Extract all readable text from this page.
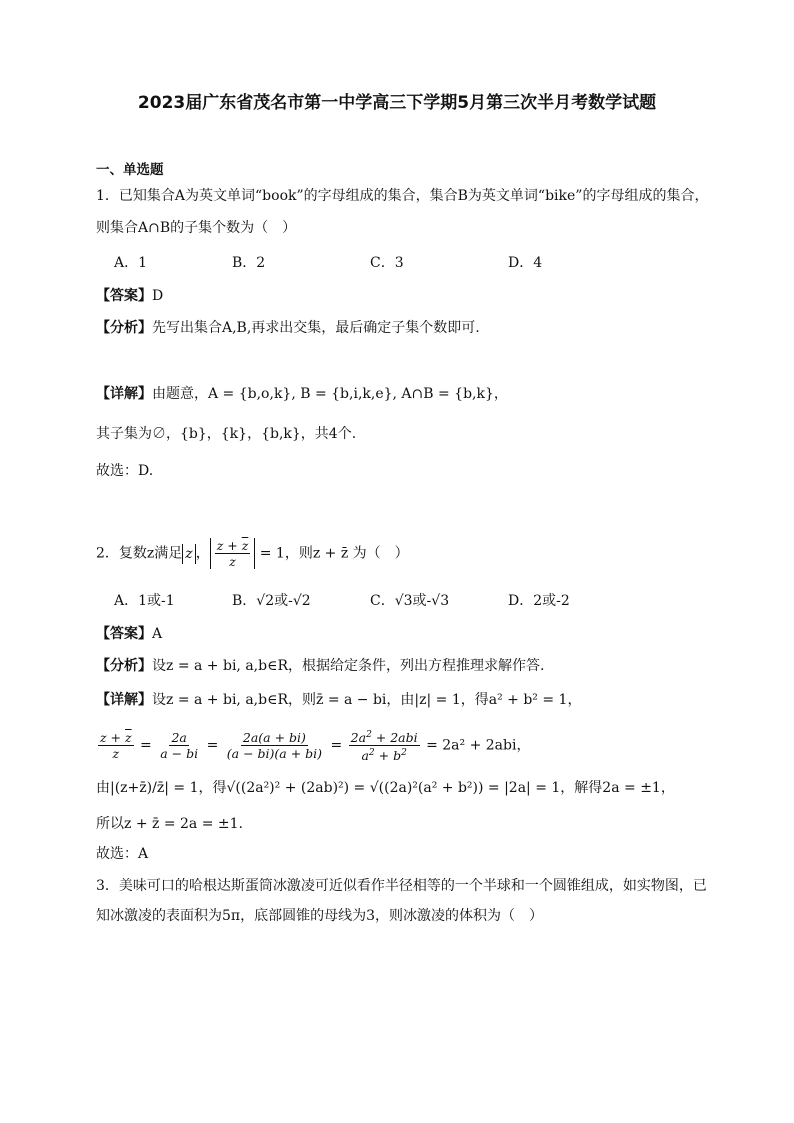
2023届广东省茂名市第一中学高三下学期5月第三次半月考数学试题
一、单选题
1．已知集合A为英文单词“book”的字母组成的集合，集合B为英文单词“bike”的字母组成的集合，
则集合A∩B的子集个数为（　）
A．1	B．2	C．3	D．4
【答案】D
【分析】先写出集合A,B,再求出交集，最后确定子集个数即可.
【详解】由题意，A = {b,o,k}, B = {b,i,k,e}, A∩B = {b,k}，
其子集为∅，{b}，{k}，{b,k}，共4个.
故选：D.
2．复数z满足 z ， $\frac{z + \overline{z}}{z} = 1$，则z + z̄ 为（　）
A．1或-1	B．√2或-√2	C．√3或-√3	D．2或-2
【答案】A
【分析】设z = a + bi, a,b∈R，根据给定条件，列出方程推理求解作答.
【详解】设z = a + bi, a,b∈R，则z̄ = a − bi，由|z| = 1，得a² + b² = 1，
$\frac{z + \overline{z}}{z} = \frac{2a}{a - bi} = \frac{2a(a + bi)}{(a - bi)(a + bi)} = \frac{2a^2 + 2abi}{a^2 + b^2} = 2a^2 + 2abi$，
由|(z+z̄)/z̄| = 1，得√((2a²)² + (2ab)²) = √((2a)²(a² + b²)) = |2a| = 1，解得2a = ±1，
所以z + z̄ = 2a = ±1.
故选：A
3．美味可口的哈根达斯蛋筒冰激凌可近似看作半径相等的一个半球和一个圆锥组成，如实物图，已
知冰激凌的表面积为5π，底部圆锥的母线为3，则冰激凌的体积为（　）
